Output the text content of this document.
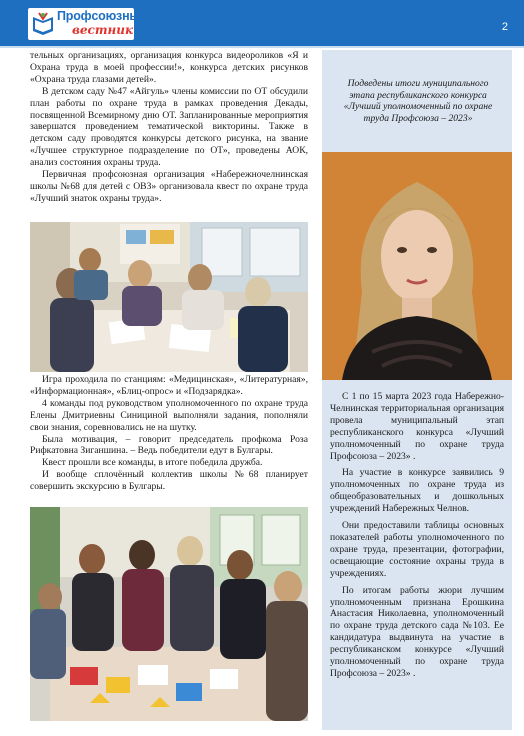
Профсоюзный
вестник	2

тельных организациях, организация конкурса видеороликов «Я и Охрана труда в моей профессии!», конкурса детских рисунков «Охрана труда глазами детей».

В детском саду №47 «Айгуль» члены комиссии по ОТ обсудили план работы по охране труда в рамках проведения Декады, посвященной Всемирному дню ОТ. Запланированные мероприятия завершатся проведением тематической викторины. Также в детском саду проводятся конкурсы детского рисунка, на звание «Лучшее структурное подразделение по ОТ», проведены АОК, анализ состояния охраны труда.

Первичная профсоюзная организация «Набережночелнинская школы №68 для детей с ОВЗ» организовала квест по охране труда «Лучший знаток охраны труда».

Игра проходила по станциям: «Медицинская», «Литературная», «Информационная», «Блиц-опрос» и «Подзарядка».

4 команды под руководством уполномоченного по охране труда Елены Дмитриевны Синициной выполняли задания, пополняли свои знания, соревновались не на шутку.

Была мотивация, – говорит председатель профкома Роза Рифкатовна Зиганшина. – Ведь победители едут в Булгары.

Квест прошли все команды, в итоге победила дружба.

И вообще сплочённый коллектив школы №68 планирует совершить экскурсию в Булгары.

Подведены итоги муниципального этапа республиканского конкурса «Лучший уполномоченный по охране труда Профсоюза – 2023»

С 1 по 15 марта 2023 года Набережно-Челнинская территориальная организация провела муниципальный этап республиканского конкурса «Лучший уполномоченный по охране труда Профсоюза – 2023» .

На участие в конкурсе заявились 9 уполномоченных по охране труда из общеобразовательных и дошкольных учреждений Набережных Челнов.

Они предоставили таблицы основных показателей работы уполномоченного по охране труда, презентации, фотографии, освещающие состояние охраны труда в учреждениях.

По итогам работы жюри лучшим уполномоченным признана Ерошкина Анастасия Николаевна, уполномоченный по охране труда детского сада №103. Ее кандидатура выдвинута на участие в республиканском конкурсе «Лучший уполномоченный по охране труда Профсоюза – 2023» .
